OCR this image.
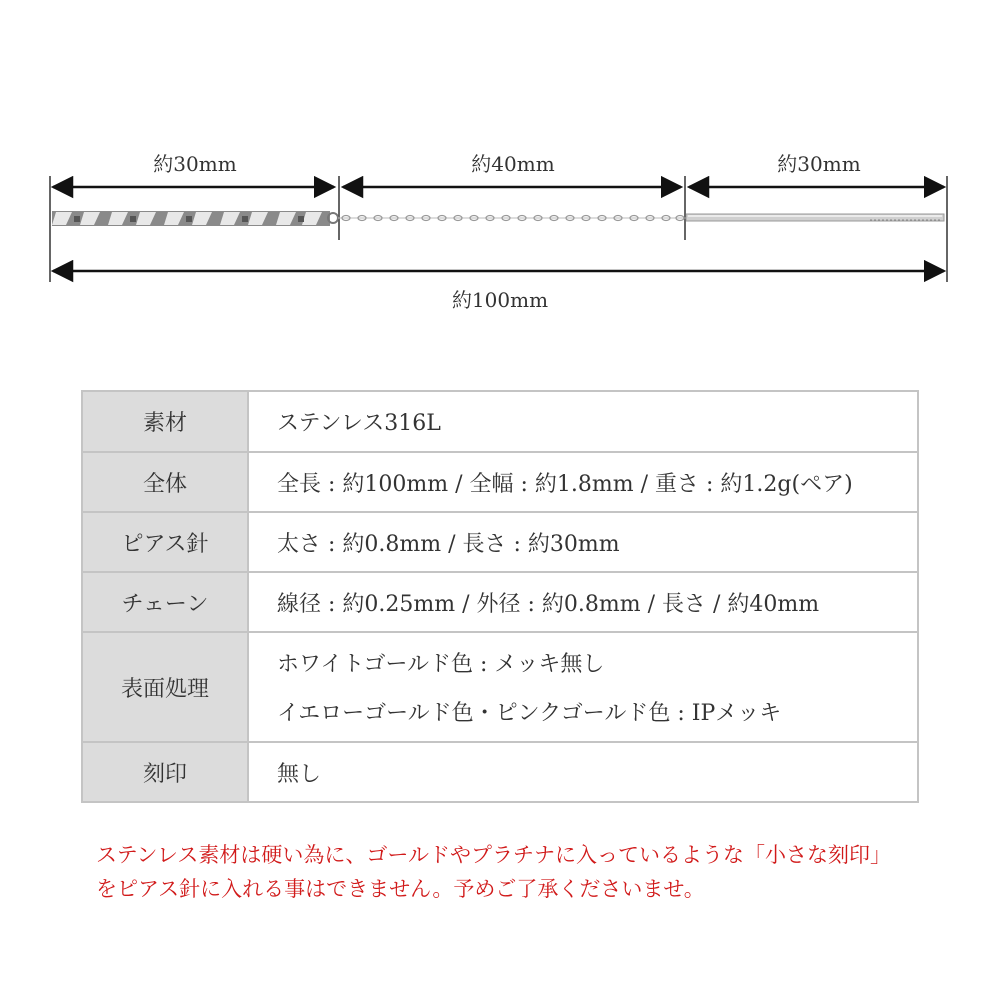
約30mm	約40mm	約30mm
約100mm
素材	ステンレス316L

全体	全長 : 約100mm / 全幅 : 約1.8mm / 重さ : 約1.2g(ペア)

ピアス針	太さ : 約0.8mm / 長さ : 約30mm

チェーン	線径 : 約0.25mm / 外径 : 約0.8mm / 長さ / 約40mm

表面処理	ホワイトゴールド色 : メッキ無し
イエローゴールド色・ピンクゴールド色 : IPメッキ

刻印	無し
ステンレス素材は硬い為に、ゴールドやプラチナに入っているような「小さな刻印」
をピアス針に入れる事はできません。予めご了承くださいませ。
